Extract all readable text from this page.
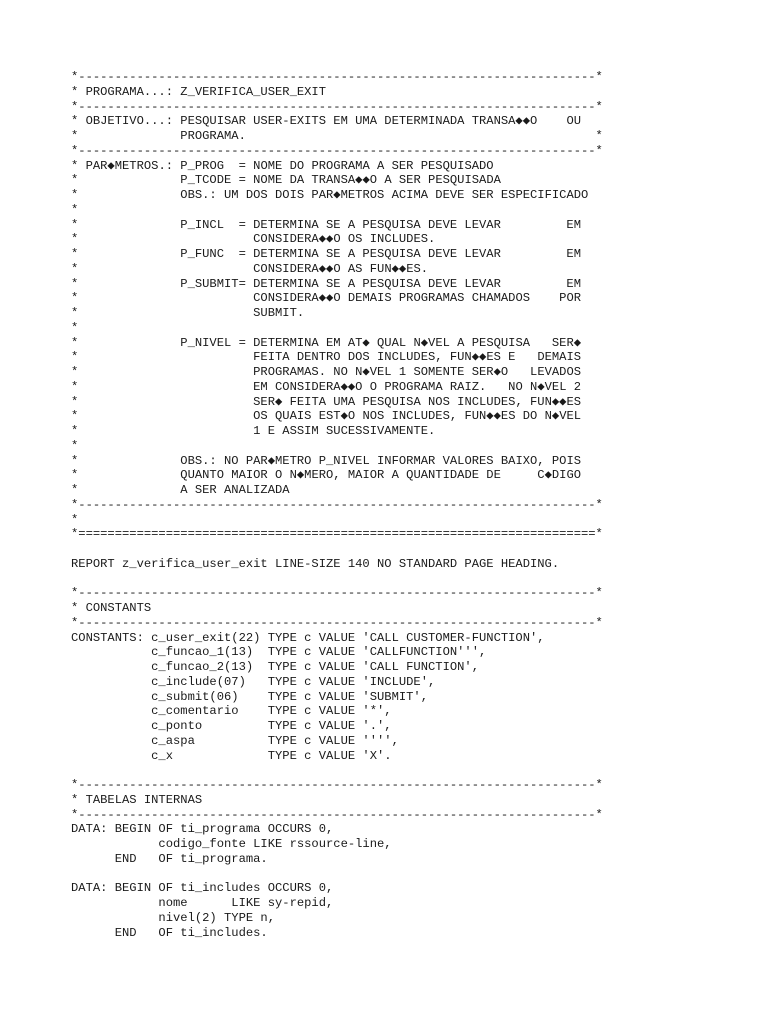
*-----------------------------------------------------------------------*
* PROGRAMA...: Z_VERIFICA_USER_EXIT
*-----------------------------------------------------------------------*
* OBJETIVO...: PESQUISAR USER-EXITS EM UMA DETERMINADA TRANSA◆◆O    OU
*              PROGRAMA.                                                *
*-----------------------------------------------------------------------*
* PAR◆METROS.: P_PROG  = NOME DO PROGRAMA A SER PESQUISADO
*              P_TCODE = NOME DA TRANSA◆◆O A SER PESQUISADA
*              OBS.: UM DOS DOIS PAR◆METROS ACIMA DEVE SER ESPECIFICADO
*
*              P_INCL  = DETERMINA SE A PESQUISA DEVE LEVAR         EM
*                        CONSIDERA◆◆O OS INCLUDES.
*              P_FUNC  = DETERMINA SE A PESQUISA DEVE LEVAR         EM
*                        CONSIDERA◆◆O AS FUN◆◆ES.
*              P_SUBMIT= DETERMINA SE A PESQUISA DEVE LEVAR         EM
*                        CONSIDERA◆◆O DEMAIS PROGRAMAS CHAMADOS    POR
*                        SUBMIT.
*
*              P_NIVEL = DETERMINA EM AT◆ QUAL N◆VEL A PESQUISA   SER◆
*                        FEITA DENTRO DOS INCLUDES, FUN◆◆ES E   DEMAIS
*                        PROGRAMAS. NO N◆VEL 1 SOMENTE SER◆O   LEVADOS
*                        EM CONSIDERA◆◆O O PROGRAMA RAIZ.   NO N◆VEL 2
*                        SER◆ FEITA UMA PESQUISA NOS INCLUDES, FUN◆◆ES
*                        OS QUAIS EST◆O NOS INCLUDES, FUN◆◆ES DO N◆VEL
*                        1 E ASSIM SUCESSIVAMENTE.
*
*              OBS.: NO PAR◆METRO P_NIVEL INFORMAR VALORES BAIXO, POIS
*              QUANTO MAIOR O N◆MERO, MAIOR A QUANTIDADE DE     C◆DIGO
*              A SER ANALIZADA
*-----------------------------------------------------------------------*
*
*=======================================================================*

REPORT z_verifica_user_exit LINE-SIZE 140 NO STANDARD PAGE HEADING.

*-----------------------------------------------------------------------*
* CONSTANTS
*-----------------------------------------------------------------------*
CONSTANTS: c_user_exit(22) TYPE c VALUE 'CALL CUSTOMER-FUNCTION',
c_funcao_1(13)  TYPE c VALUE 'CALLFUNCTION''',
c_funcao_2(13)  TYPE c VALUE 'CALL FUNCTION',
c_include(07)   TYPE c VALUE 'INCLUDE',
c_submit(06)    TYPE c VALUE 'SUBMIT',
c_comentario    TYPE c VALUE '*',
c_ponto         TYPE c VALUE '.',
c_aspa          TYPE c VALUE '''',
c_x             TYPE c VALUE 'X'.

*-----------------------------------------------------------------------*
* TABELAS INTERNAS
*-----------------------------------------------------------------------*
DATA: BEGIN OF ti_programa OCCURS 0,
codigo_fonte LIKE rssource-line,
END   OF ti_programa.

DATA: BEGIN OF ti_includes OCCURS 0,
nome      LIKE sy-repid,
nivel(2) TYPE n,
END   OF ti_includes.
